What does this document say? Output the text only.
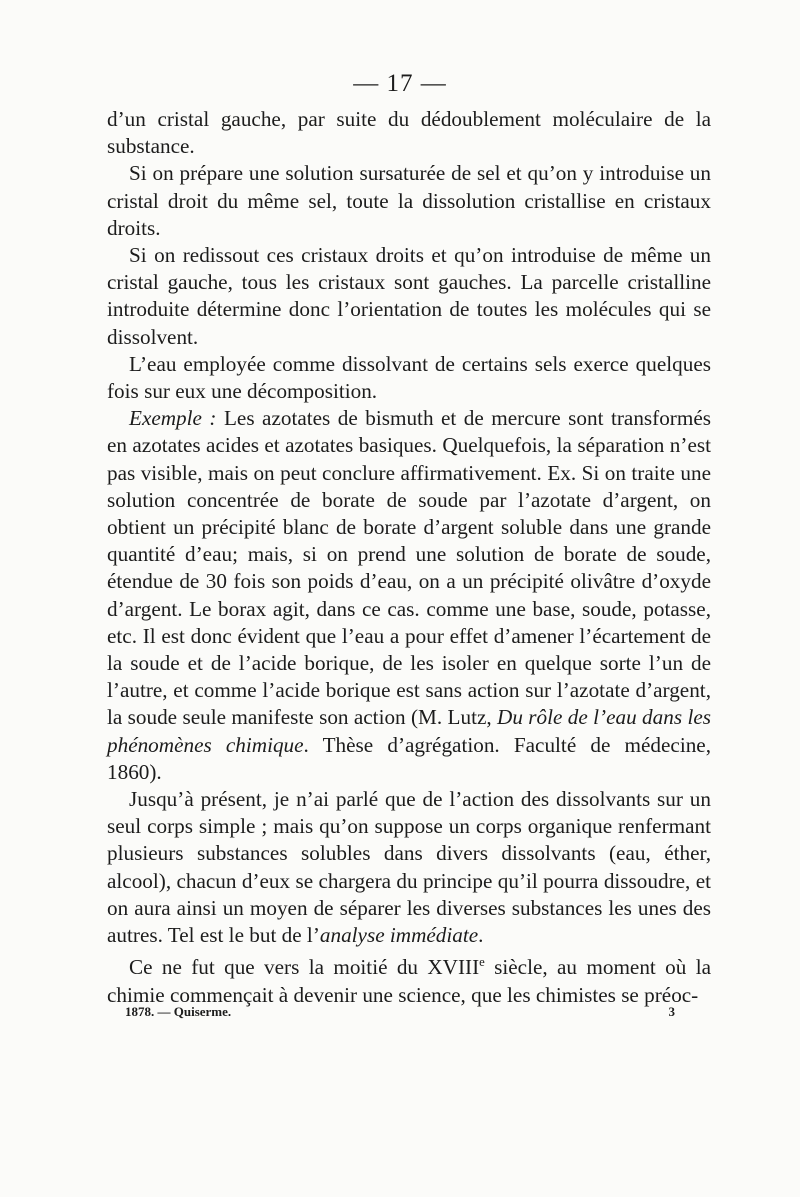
— 17 —

d’un cristal gauche, par suite du dédoublement moléculaire de la substance.

Si on prépare une solution sursaturée de sel et qu’on y introduise un cristal droit du même sel, toute la dissolution cristallise en cristaux droits.

Si on redissout ces cristaux droits et qu’on introduise de même un cristal gauche, tous les cristaux sont gauches. La parcelle cristalline introduite détermine donc l’orientation de toutes les molécules qui se dissolvent.

L’eau employée comme dissolvant de certains sels exerce quelques fois sur eux une décomposition.

Exemple : Les azotates de bismuth et de mercure sont transformés en azotates acides et azotates basiques. Quelquefois, la séparation n’est pas visible, mais on peut conclure affirmativement. Ex. Si on traite une solution concentrée de borate de soude par l’azotate d’argent, on obtient un précipité blanc de borate d’argent soluble dans une grande quantité d’eau; mais, si on prend une solution de borate de soude, étendue de 30 fois son poids d’eau, on a un précipité olivâtre d’oxyde d’argent. Le borax agit, dans ce cas. comme une base, soude, potasse, etc. Il est donc évident que l’eau a pour effet d’amener l’écartement de la soude et de l’acide borique, de les isoler en quelque sorte l’un de l’autre, et comme l’acide borique est sans action sur l’azotate d’argent, la soude seule manifeste son action (M. Lutz, Du rôle de l’eau dans les phénomènes chimique. Thèse d’agrégation. Faculté de médecine, 1860).

Jusqu’à présent, je n’ai parlé que de l’action des dissolvants sur un seul corps simple ; mais qu’on suppose un corps organique renfermant plusieurs substances solubles dans divers dissolvants (eau, éther, alcool), chacun d’eux se chargera du principe qu’il pourra dissoudre, et on aura ainsi un moyen de séparer les diverses substances les unes des autres. Tel est le but de l’analyse immédiate.

Ce ne fut que vers la moitié du XVIIIe siècle, au moment où la chimie commençait à devenir une science, que les chimistes se préoc-

1878. — Quiserme.	3
